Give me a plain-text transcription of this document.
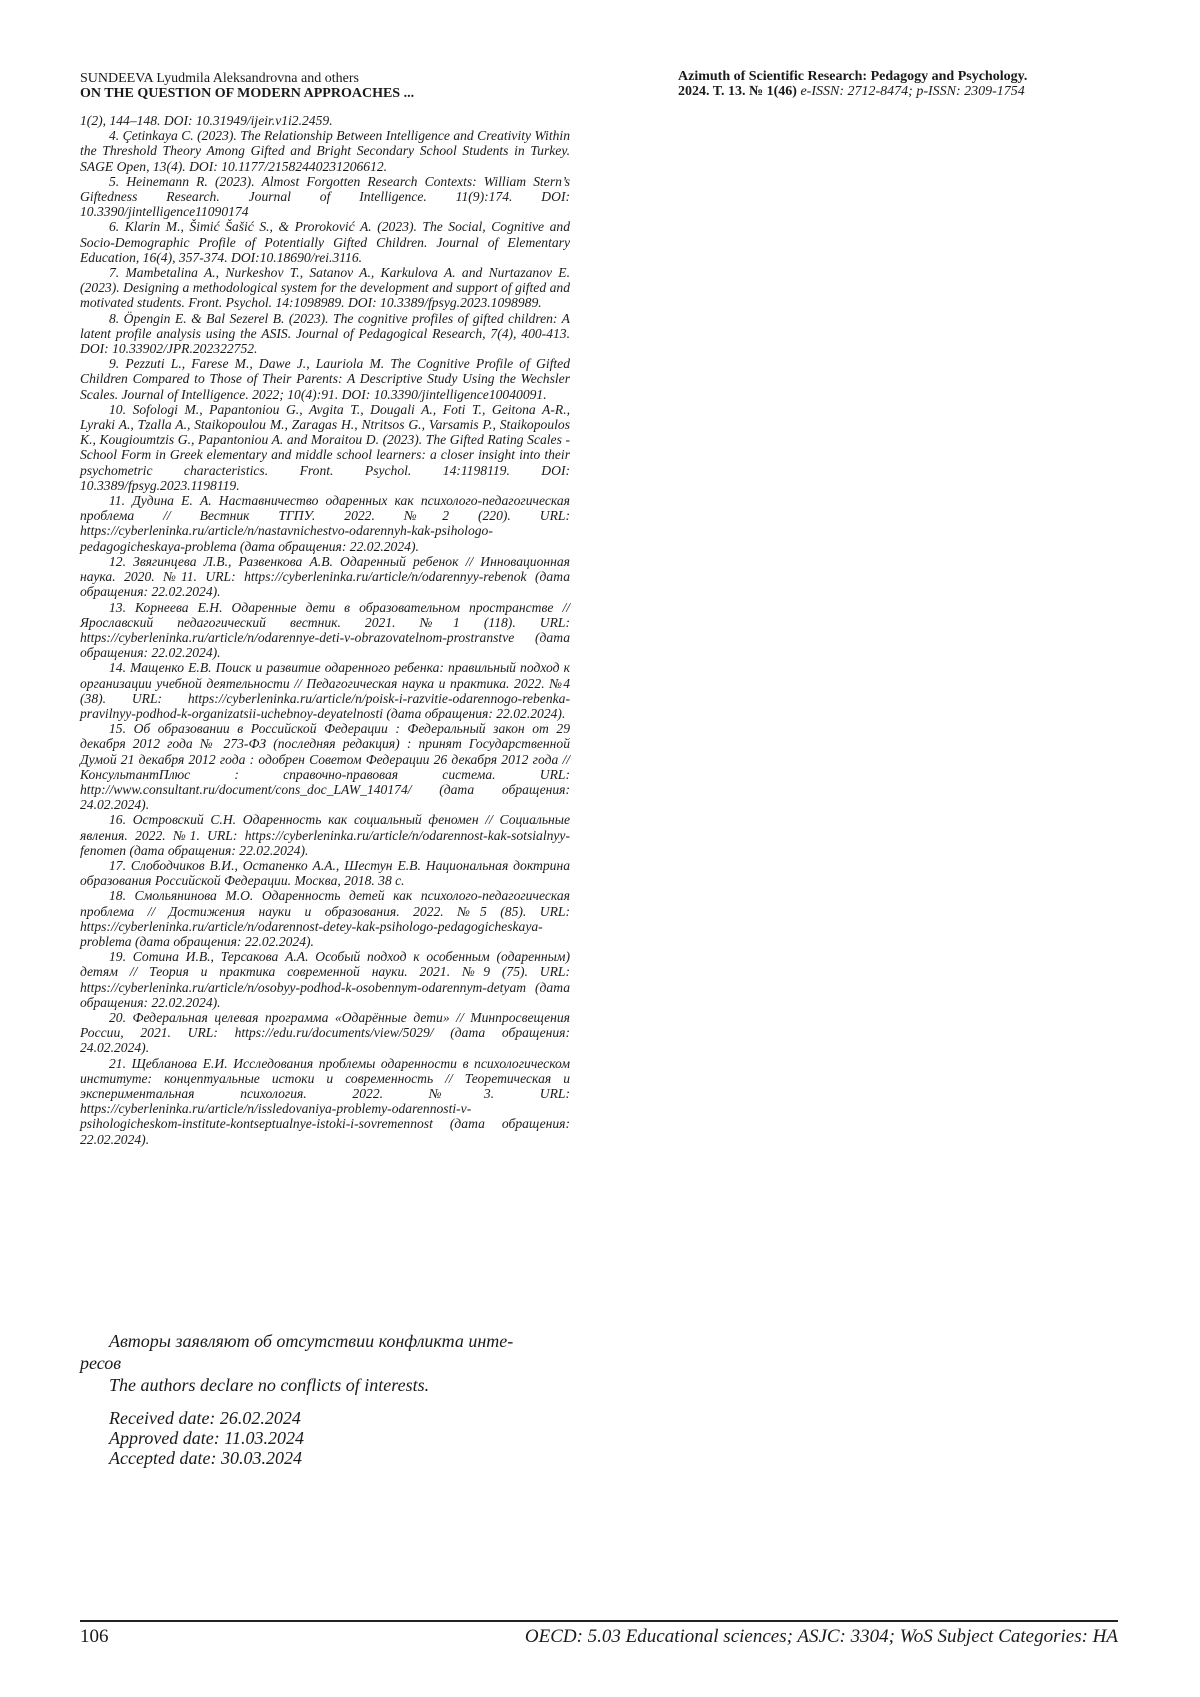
SUNDEEVA Lyudmila Aleksandrovna and others
ON THE QUESTION OF MODERN APPROACHES ...
Azimuth of Scientific Research: Pedagogy and Psychology.
2024. T. 13. № 1(46) e-ISSN: 2712-8474; p-ISSN: 2309-1754

1(2), 144–148. DOI: 10.31949/ijeir.v1i2.2459.

4. Çetinkaya C. (2023). The Relationship Between Intelligence and Creativity Within the Threshold Theory Among Gifted and Bright Secondary School Students in Turkey. SAGE Open, 13(4). DOI: 10.1177/21582440231206612.

5. Heinemann R. (2023). Almost Forgotten Research Contexts: William Stern’s Giftedness Research. Journal of Intelligence. 11(9):174. DOI: 10.3390/jintelligence11090174

6. Klarin M., Šimić Šašić S., & Proroković A. (2023). The Social, Cognitive and Socio-Demographic Profile of Potentially Gifted Children. Journal of Elementary Education, 16(4), 357-374. DOI:10.18690/rei.3116.

7. Mambetalina A., Nurkeshov T., Satanov A., Karkulova A. and Nurtazanov E. (2023). Designing a methodological system for the development and support of gifted and motivated students. Front. Psychol. 14:1098989. DOI: 10.3389/fpsyg.2023.1098989.

8. Öpengin E. & Bal Sezerel B. (2023). The cognitive profiles of gifted children: A latent profile analysis using the ASIS. Journal of Pedagogical Research, 7(4), 400-413. DOI: 10.33902/JPR.202322752.

9. Pezzuti L., Farese M., Dawe J., Lauriola M. The Cognitive Profile of Gifted Children Compared to Those of Their Parents: A Descriptive Study Using the Wechsler Scales. Journal of Intelligence. 2022; 10(4):91. DOI: 10.3390/jintelligence10040091.

10. Sofologi M., Papantoniou G., Avgita T., Dougali A., Foti T., Geitona A-R., Lyraki A., Tzalla A., Staikopoulou M., Zaragas H., Ntritsos G., Varsamis P., Staikopoulos K., Kougioumtzis G., Papantoniou A. and Moraitou D. (2023). The Gifted Rating Scales - School Form in Greek elementary and middle school learners: a closer insight into their psychometric characteristics. Front. Psychol. 14:1198119. DOI: 10.3389/fpsyg.2023.1198119.

11. Дудина Е. А. Наставничество одаренных как психолого-педагогическая проблема // Вестник ТГПУ. 2022. №2 (220). URL: https://cyberleninka.ru/article/n/nastavnichestvo-odarennyh-kak-psihologo-pedagogicheskaya-problema (дата обращения: 22.02.2024).

12. Звягинцева Л.В., Развенкова А.В. Одаренный ребенок // Инновационная наука. 2020. №11. URL: https://cyberleninka.ru/article/n/odarennyy-rebenok (дата обращения: 22.02.2024).

13. Корнеева Е.Н. Одаренные дети в образовательном пространстве // Ярославский педагогический вестник. 2021. №1 (118). URL: https://cyberleninka.ru/article/n/odarennye-deti-v-obrazovatelnom-prostranstve (дата обращения: 22.02.2024).

14. Мащенко Е.В. Поиск и развитие одаренного ребенка: правильный подход к организации учебной деятельности // Педагогическая наука и практика. 2022. №4 (38). URL: https://cyberleninka.ru/article/n/poisk-i-razvitie-odarennogo-rebenka-pravilnyy-podhod-k-organizatsii-uchebnoy-deyatelnosti (дата обращения: 22.02.2024).

15. Об образовании в Российской Федерации : Федеральный закон от 29 декабря 2012 года № 273-ФЗ (последняя редакция) : принят Государственной Думой 21 декабря 2012 года : одобрен Советом Федерации 26 декабря 2012 года // КонсультантПлюс : справочно-правовая система. URL: http://www.consultant.ru/document/cons_doc_LAW_140174/ (дата обращения: 24.02.2024).

16. Островский С.Н. Одаренность как социальный феномен // Социальные явления. 2022. №1. URL: https://cyberleninka.ru/article/n/odarennost-kak-sotsialnyy-fenomen (дата обращения: 22.02.2024).

17. Слободчиков В.И., Остапенко А.А., Шестун Е.В. Национальная доктрина образования Российской Федерации. Москва, 2018. 38 с.

18. Смольянинова М.О. Одаренность детей как психолого-педагогическая проблема // Достижения науки и образования. 2022. №5 (85). URL: https://cyberleninka.ru/article/n/odarennost-detey-kak-psihologo-pedagogicheskaya-problema (дата обращения: 22.02.2024).

19. Сотина И.В., Терсакова А.А. Особый подход к особенным (одаренным) детям // Теория и практика современной науки. 2021. №9 (75). URL: https://cyberleninka.ru/article/n/osobyy-podhod-k-osobennym-odarennym-detyam (дата обращения: 22.02.2024).

20. Федеральная целевая программа «Одарённые дети» // Минпросвещения России, 2021. URL: https://edu.ru/documents/view/5029/ (дата обращения: 24.02.2024).

21. Щебланова Е.И. Исследования проблемы одаренности в психологическом институте: концептуальные истоки и современность // Теоретическая и экспериментальная психология. 2022. №3. URL: https://cyberleninka.ru/article/n/issledovaniya-problemy-odarennosti-v-psihologicheskom-institute-kontseptualnye-istoki-i-sovremennost (дата обращения: 22.02.2024).

Авторы заявляют об отсутствии конфликта инте-

ресов

The authors declare no conflicts of interests.

Received date: 26.02.2024

Approved date: 11.03.2024

Accepted date: 30.03.2024

106	OECD: 5.03 Educational sciences; ASJC: 3304; WoS Subject Categories: HA
